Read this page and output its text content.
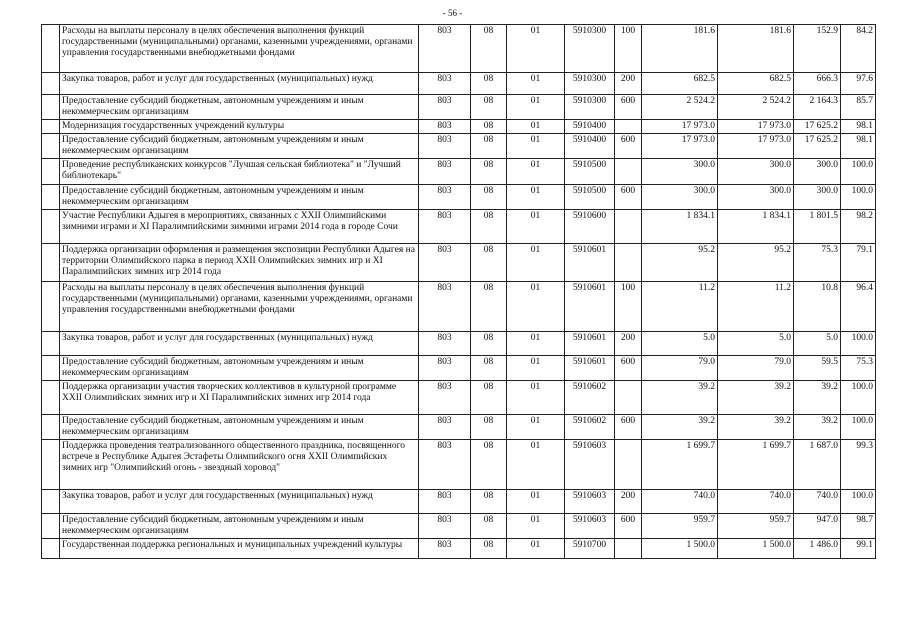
- 56 -
	Расходы на выплаты персоналу в целях обеспечения выполнения функций государственными (муниципальными) органами, казенными учреждениями, органами управления государственными внебюджетными фондами	803	08	01	5910300	100	181.6	181.6	152.9	84.2
	Закупка товаров, работ и услуг для государственных (муниципальных) нужд	803	08	01	5910300	200	682.5	682.5	666.3	97.6
	Предоставление субсидий бюджетным, автономным учреждениям и иным некоммерческим организациям	803	08	01	5910300	600	2 524.2	2 524.2	2 164.3	85.7
	Модернизация государственных учреждений культуры	803	08	01	5910400		17 973.0	17 973.0	17 625.2	98.1
	Предоставление субсидий бюджетным, автономным учреждениям и иным некоммерческим организациям	803	08	01	5910400	600	17 973.0	17 973.0	17 625.2	98.1
	Проведение республиканских конкурсов "Лучшая сельская библиотека" и "Лучший библиотекарь"	803	08	01	5910500		300.0	300.0	300.0	100.0
	Предоставление субсидий бюджетным, автономным учреждениям и иным некоммерческим организациям	803	08	01	5910500	600	300.0	300.0	300.0	100.0
	Участие Республики Адыгея в мероприятиях, связанных с XXII Олимпийскими зимними играми и XI Паралимпийскими зимними играми 2014 года в городе Сочи	803	08	01	5910600		1 834.1	1 834.1	1 801.5	98.2
	Поддержка организации оформления и размещения экспозиции Республики Адыгея на территории Олимпийского парка в период XXII Олимпийских зимних игр и XI Паралимпийских зимних игр 2014 года	803	08	01	5910601		95.2	95.2	75.3	79.1
	Расходы на выплаты персоналу в целях обеспечения выполнения функций государственными (муниципальными) органами, казенными учреждениями, органами управления государственными внебюджетными фондами	803	08	01	5910601	100	11.2	11.2	10.8	96.4
	Закупка товаров, работ и услуг для государственных (муниципальных) нужд	803	08	01	5910601	200	5.0	5.0	5.0	100.0
	Предоставление субсидий бюджетным, автономным учреждениям и иным некоммерческим организациям	803	08	01	5910601	600	79.0	79.0	59.5	75.3
	Поддержка организации участия творческих коллективов в культурной программе XXII Олимпийских зимних игр и XI Паралимпийских зимних игр 2014 года	803	08	01	5910602		39.2	39.2	39.2	100.0
	Предоставление субсидий бюджетным, автономным учреждениям и иным некоммерческим организациям	803	08	01	5910602	600	39.2	39.2	39.2	100.0
	Поддержка проведения театрализованного общественного праздника, посвященного встрече в Республике Адыгея Эстафеты Олимпийского огня XXII Олимпийских зимних игр "Олимпийский огонь - звездный хоровод"	803	08	01	5910603		1 699.7	1 699.7	1 687.0	99.3
	Закупка товаров, работ и услуг для государственных (муниципальных) нужд	803	08	01	5910603	200	740.0	740.0	740.0	100.0
	Предоставление субсидий бюджетным, автономным учреждениям и иным некоммерческим организациям	803	08	01	5910603	600	959.7	959.7	947.0	98.7
	Государственная поддержка региональных и муниципальных учреждений культуры	803	08	01	5910700		1 500.0	1 500.0	1 486.0	99.1
